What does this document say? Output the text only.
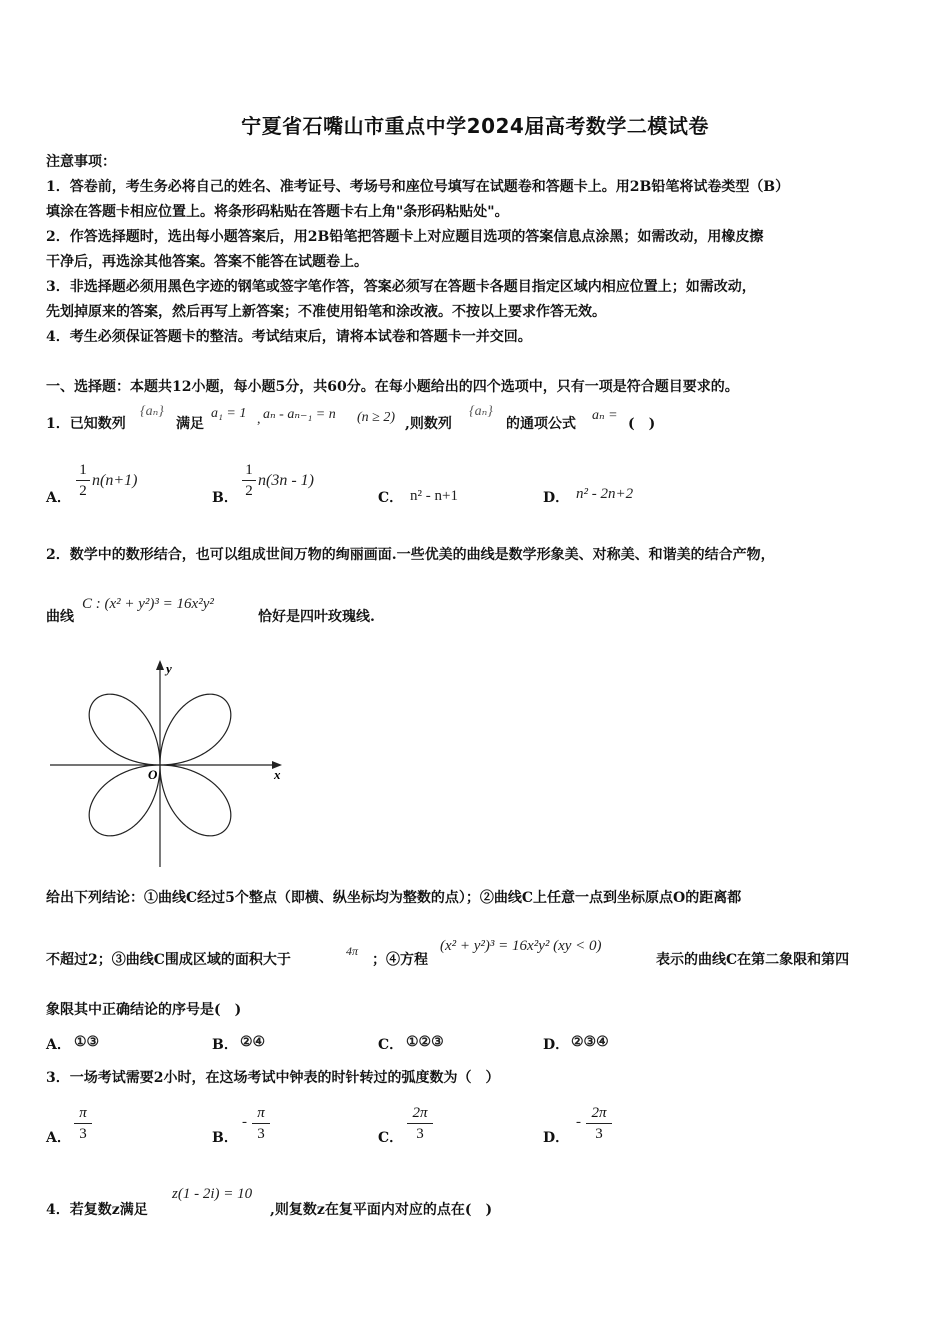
宁夏省石嘴山市重点中学2024届高考数学二模试卷
注意事项：
1．答卷前，考生务必将自己的姓名、准考证号、考场号和座位号填写在试题卷和答题卡上。用2B铅笔将试卷类型（B）
填涂在答题卡相应位置上。将条形码粘贴在答题卡右上角"条形码粘贴处"。
2．作答选择题时，选出每小题答案后，用2B铅笔把答题卡上对应题目选项的答案信息点涂黑；如需改动，用橡皮擦
干净后，再选涂其他答案。答案不能答在试题卷上。
3．非选择题必须用黑色字迹的钢笔或签字笔作答，答案必须写在答题卡各题目指定区域内相应位置上；如需改动，
先划掉原来的答案，然后再写上新答案；不准使用铅笔和涂改液。不按以上要求作答无效。
4．考生必须保证答题卡的整洁。考试结束后，请将本试卷和答题卡一并交回。
一、选择题：本题共12小题，每小题5分，共60分。在每小题给出的四个选项中，只有一项是符合题目要求的。
1．已知数列
{aₙ}
满足
a₁ = 1 , aₙ - aₙ₋₁ = n (n ≥ 2) ,则数列
{aₙ}
的通项公式
aₙ =
(　)
A．
1
2
n(n+1)
B．
1
2
n(3n - 1)
C． n² - n+1	D． n² - 2n+2
2．数学中的数形结合，也可以组成世间万物的绚丽画面.一些优美的曲线是数学形象美、对称美、和谐美的结合产物，
曲线
C : (x² + y²)³ = 16x²y²
恰好是四叶玫瑰线.
x
y
O
给出下列结论：①曲线C经过5个整点（即横、纵坐标均为整数的点）；②曲线C上任意一点到坐标原点O的距离都
不超过2；③曲线C围成区域的面积大于
4π
；④方程
(x² + y²)³ = 16x²y² (xy < 0)
表示的曲线C在第二象限和第四
象限其中正确结论的序号是(　)
A． ①③	B． ②④	C． ①②③	D． ②③④
3．一场考试需要2小时，在这场考试中钟表的时针转过的弧度数为（　）
A．
π
3	B．
-
π
3	C．
2π
3	D．
-
2π
3
4．若复数z满足
z(1 - 2i) = 10
,则复数z在复平面内对应的点在(　)
